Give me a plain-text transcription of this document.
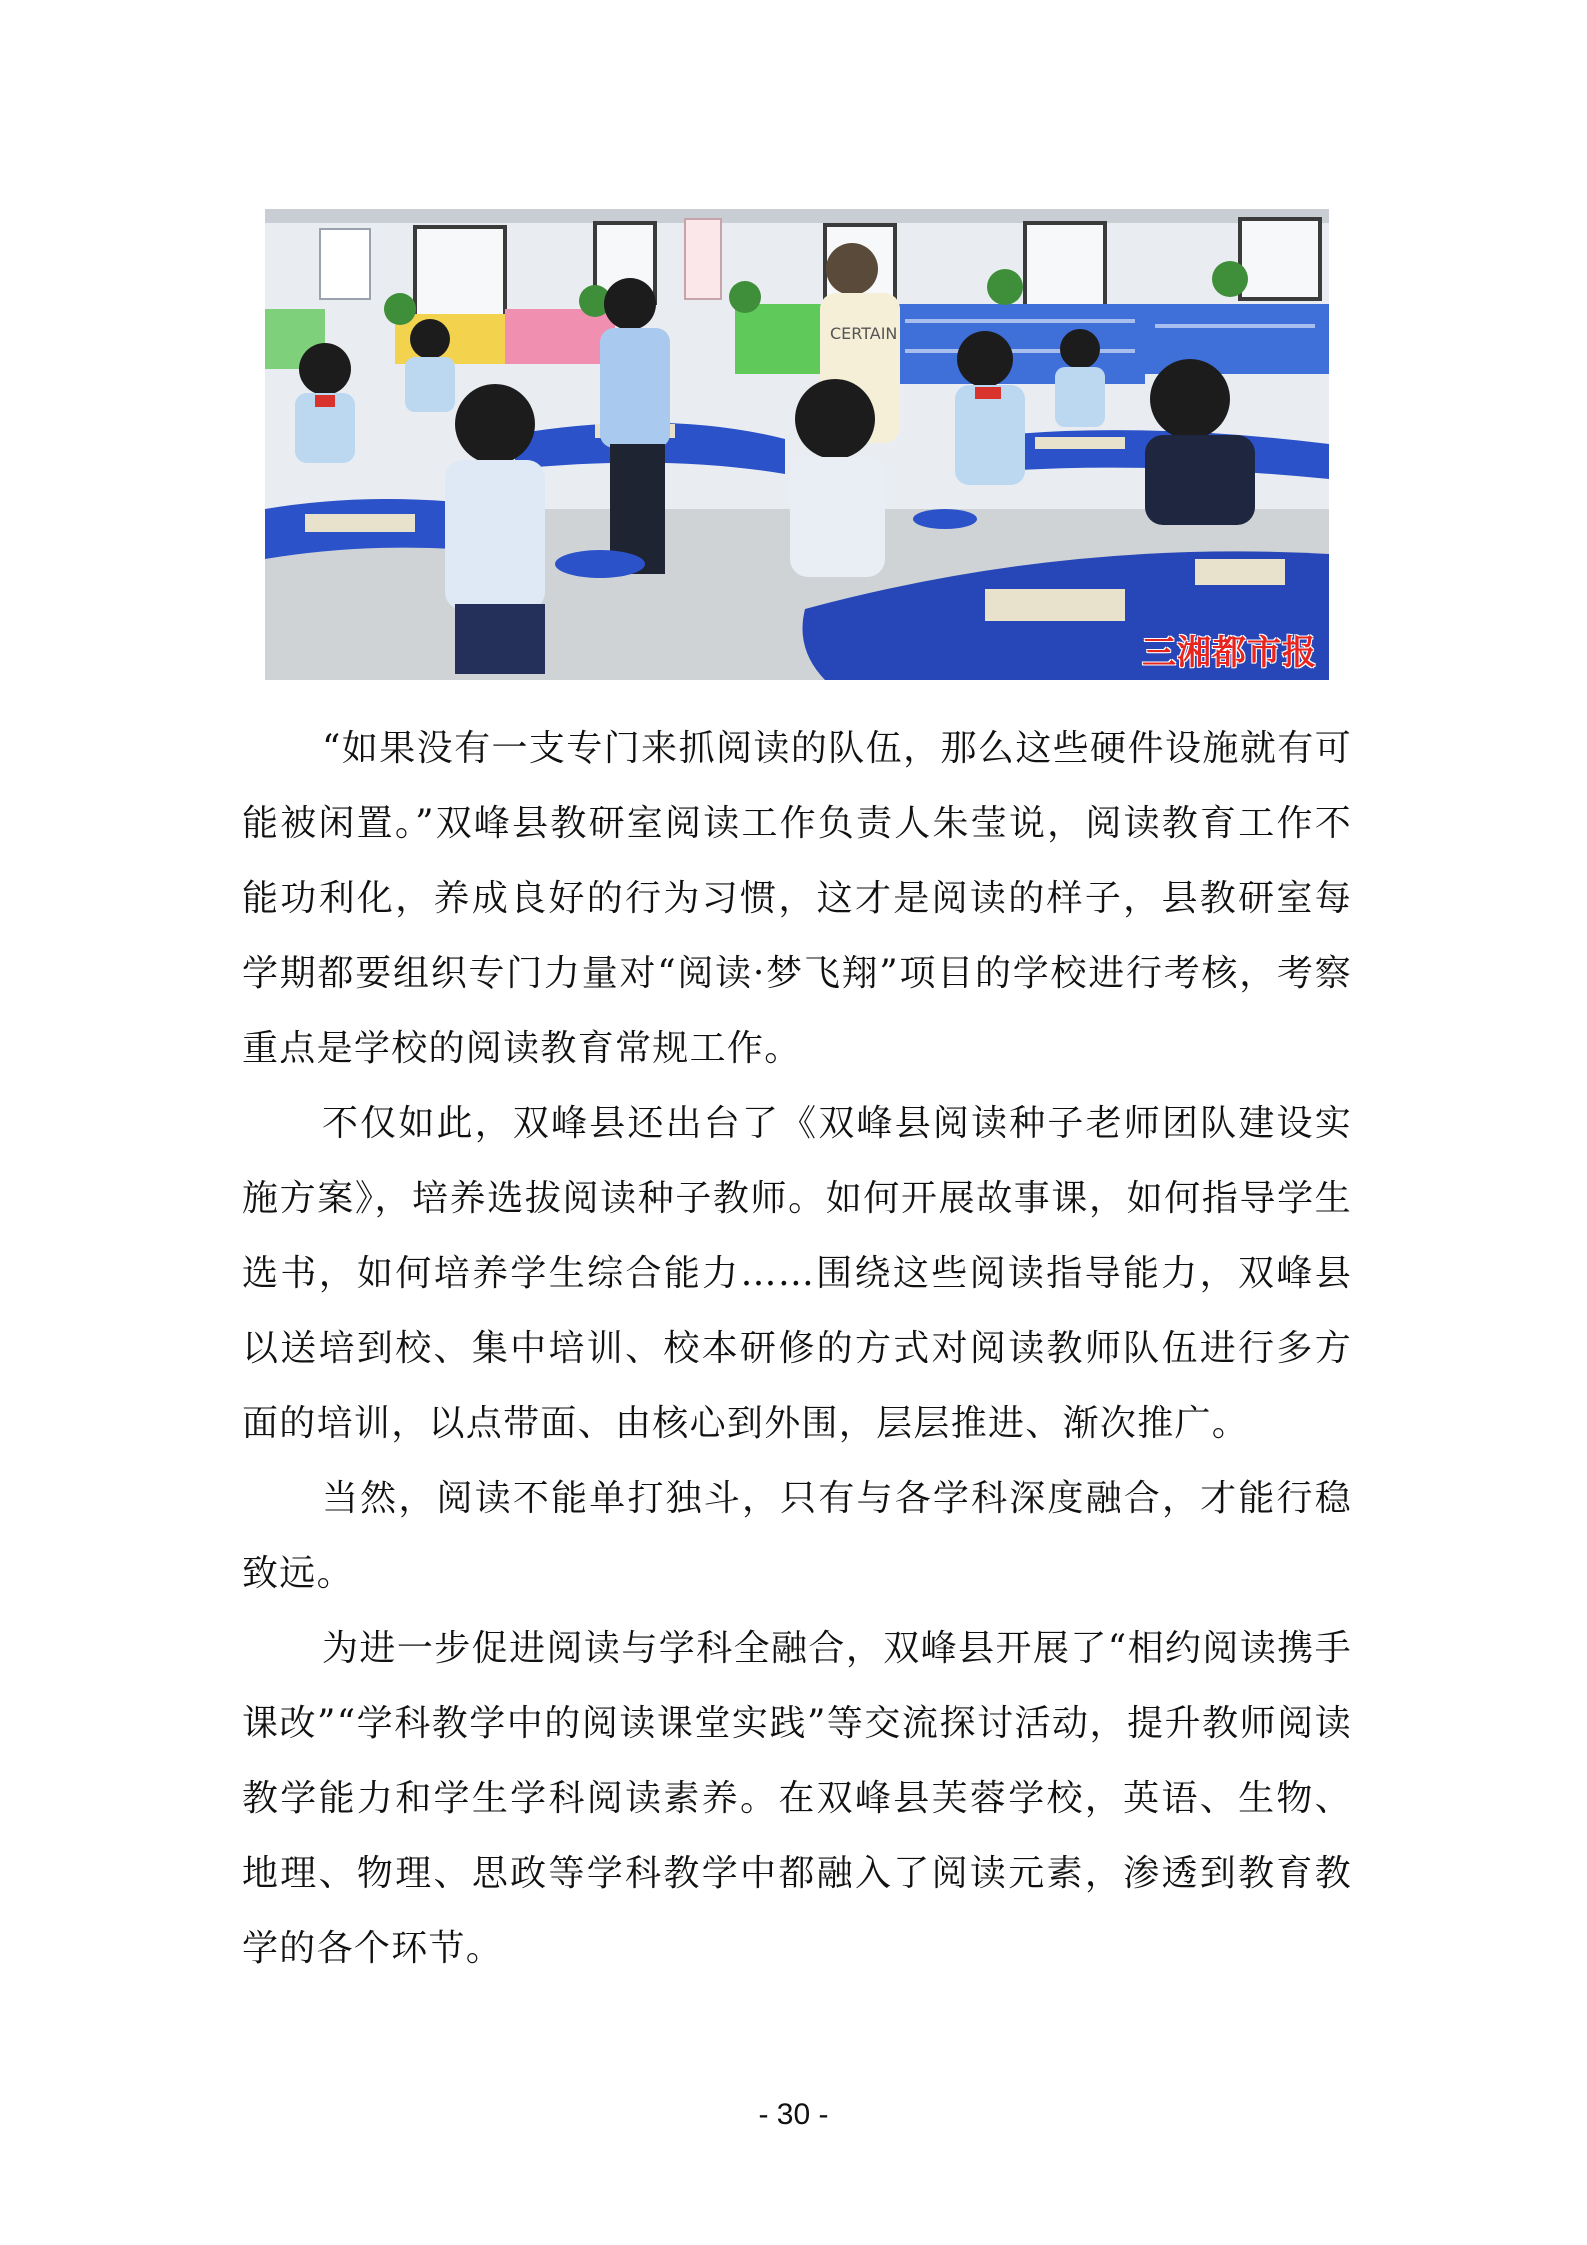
CERTAIN
三湘都市报

“如果没有一支专门来抓阅读的队伍，那么这些硬件设施就有可能被闲置。”双峰县教研室阅读工作负责人朱莹说，阅读教育工作不能功利化，养成良好的行为习惯，这才是阅读的样子，县教研室每学期都要组织专门力量对“阅读·梦飞翔”项目的学校进行考核，考察重点是学校的阅读教育常规工作。

不仅如此，双峰县还出台了《双峰县阅读种子老师团队建设实施方案》，培养选拔阅读种子教师。如何开展故事课，如何指导学生选书，如何培养学生综合能力……围绕这些阅读指导能力，双峰县以送培到校、集中培训、校本研修的方式对阅读教师队伍进行多方面的培训，以点带面、由核心到外围，层层推进、渐次推广。

当然，阅读不能单打独斗，只有与各学科深度融合，才能行稳致远。

为进一步促进阅读与学科全融合，双峰县开展了“相约阅读携手课改”“学科教学中的阅读课堂实践”等交流探讨活动，提升教师阅读教学能力和学生学科阅读素养。在双峰县芙蓉学校，英语、生物、地理、物理、思政等学科教学中都融入了阅读元素，渗透到教育教学的各个环节。

- 30 -
